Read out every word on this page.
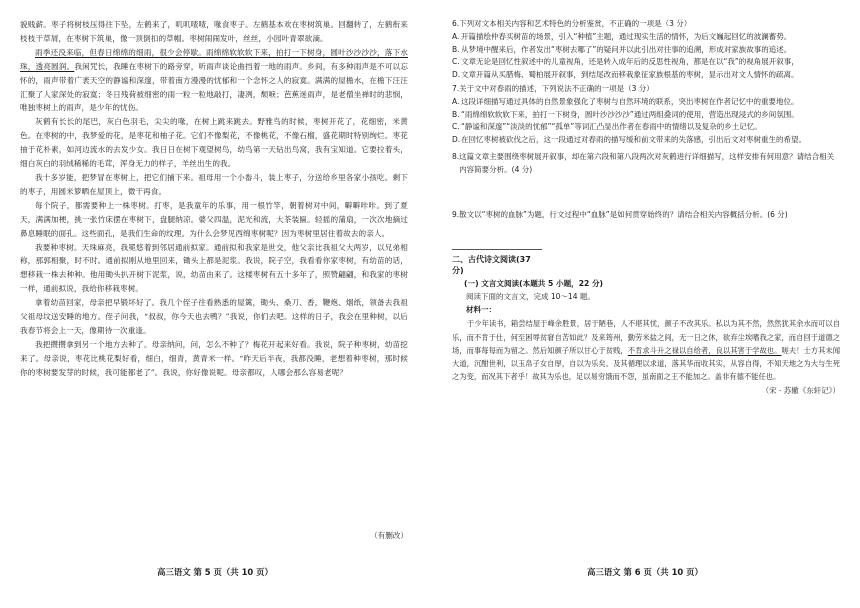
貌贱薪。枣子将树枝压得往下坠，左鹤来了，叽叽喳喳，喙食枣子。左鹤基本欢在枣树筑巢。回翻转了，左鹤衔来枝枝干草屑，在枣树下筑巢，像一顶倒扣的草帽。枣树闹闹发叶，丝丝，小园叶青翠欲滴。

雨季还没来临，但春日绵绵的细雨，很少会停歇。雨绵绵软软软下来，拍打一下树身，圆叶沙沙沙沙，落下水珠，透亮圆润。我闲咒长，我睡在枣树下的路旁穿，听雨声谈论曲挡着一地的雨声。乡间，有多种雨声是不可以忘怀的，雨声带着广袤天空的静谧和深邃，带着南方漫漫的忧郁和一个念怀之人的寂寞。满满的屋檐水，在檐下汪汪汇聚了人家深处的寂寞；冬日残荷被细密的雨一粒一粒地敲打，凄冽，颓唳；芭蕉迷雨声，是老僧坐禅时的悲悯，唯独枣树上的雨声，是少年的忧伤。

灰鹤有长长的尾巴，灰白色羽毛，尖尖的喙，在树上跳来跳去。野雅鸟的时候，枣树开花了，花细密，米黄色。在枣树的中，我梦爱的花，是枣花和柚子花。它们不像梨花，不像桃花，不像石榴，盛花期时特别绚烂。枣花抽于花朴素，如河边流水的去发少女。我日日在树下观望树鸟，幼鸟第一天钻出鸟窝，我有宝知道。它要拉着头，细白灰白的羽绒稀稀的毛茸，浑身无力的样子，羊丝出生的我。

我十多岁能，把梦冒在枣树上，把它们捕下来。祖母用一个小畚斗，装上枣子，分送给乡里各家小孩吃。剩下的枣子，用圆米箩晒在屋顶上，微干再食。

每个院子，都需要种上一株枣树。打枣，是我童年的乐事，用一根竹竿，朝着树对中间，噼噼咔咔。到了夏天，满满加梗，挑一张竹床摆在枣树下，盘腿纳凉。婆父四温，泥光和流，大茶装匾。轻摇的蒲扇，一次次地摘过鼻息睡眠的面孔。这些面孔，是我们生命的纹理。为什么会梦见西绵枣树呢？因为枣树里居住着故去的亲人。

我要种枣树。天珠麻亮，我冕悠着到邻居通前拟家。通前拟和我家是世交，他父亲比我祖父大两岁，以兄弟相称，那郭相聚，时不时。通前拟刚从地里回来，锄头上都是泥浆。我说，院子空，我看看你家枣树，有幼苗的话，想移栽一株去种种。他用锄头扒开树下泥浆，说，幼苗由来了。这楼枣树有五十多年了，照赞翩翩，和我家的枣树一样，通前拟说，我给你移栽枣树。

拿着幼苗回家，母亲把早锻坏好了。我几个侄子往看熟悉的屋篱，锄头、桑刀、香，鞭炮、烟纸，领备去我祖父祖母坟送安睡的地方。侄子问我，“叔叔，你今天也去鸭？”我说，你们去吧。这样的日子，我会在里种树，以后我春节将会上一天，像期待一次重逢。

我把攒攒拿到另一个地方去种了。母亲纳问，问，怎么不种了？梅花开起来好看。我说，院子种枣树，幼苗挖来了。母亲说，枣花比桃花梨好看，细白，细青，黄青米一样。“昨天后半夜，我都没睡，老想着种枣树，那时候你的枣树要发芽的时候，我可能都老了”。我说，你好像说呢。母亲都叹，人哪会那么容易老呢？

（有删改）
高三语文 第 5 页（共 10 页）
6. 下列对文本相关内容和艺术特色的分析鉴赏，不正确的一项是（3 分）
A. 开篇描绘仲春买树苗的场景，引入“种植”主题，通过现实生活的情怀，为后文巍起回忆的波澜蓄势。
B.从梦境中醒来后，作者发出“枣树去哪了”的疑问并以此引出对往事的追溯，形成对家族故事的追述。
C.文章无论是回忆性叙述中的儿童视角，还是转入成年后的反思性视角，都是在以“我”的视角展开叙事，
D.文章开篇从买腊梅、蜀柏展开叙事，到结尾改而移栽象征家族根基的枣树，显示出对文人情怀的疏离。
7. 关于文中对春雨的描述，下列说法不正确的一项是（3 分）
A. 这段详细描写通过具体的自然景象强化了枣树与自然环境的联系，突出枣树在作者记忆中的重要地位。
B.“雨绵绵软软软下来，拍打一下树身，圆叶沙沙沙沙”通过两组叠词的使用，营造出现浸式的乡间氛围。
C.“静谧和深邃”“淡淡的忧郁”“孤单”等词汇凸显出作者在春雨中的情绪以及复杂的乡土记忆。
D.在回忆枣树被砍伐之后，这一段通过对春雨的描写缓和前文带来的失落感，引出后文对枣树重生的希望。
8. 这篇文章主要围绕枣树展开叙事，却在第六段和第八段两次对灰鹤进行详细描写，这样安排有何用意？请结合相关内容简要分析。(4 分)
9. 散文以“枣树的血脉”为题，行文过程中“血脉”是如何贯穿始终的？请结合相关内容概括分析。(6 分)
二、古代诗文阅读(37 分)
(一) 文言文阅读(本题共 5 小题，22 分)
阅读下面的文言文，完成 10～14 题。
材料一：

于少年读书，箱尝结屋于峰余胜景，居于陋巷，人不堪其忧，颜子不改其乐。私以为其不然，然然犹其余水而可以自乐，而不肯于仕，何至困辱贫窘自苦如此？及来筠州，勤劳米盐之间，无一日之休，欲弃尘埃嗜我之家，而自回于道德之场，而事每每而为留之。然后知颜子所以甘心于贫贱，不肯求斗升之禄以自给者，良以其害于学故也。嗟夫！士方其未闻大道，沉酣世利，以玉帛子女自厚，自以为乐矣。及其循理以求道，落其华而收其实，从容自得，不知天地之为大与生死之为变，而况其下者乎！故其为乐也，足以易穷饿而不怨，虽南面之王不能加之。盖非有德不能任也。

（宋 · 苏辙《东轩记》）
高三语文 第 6 页（共 10 页）
